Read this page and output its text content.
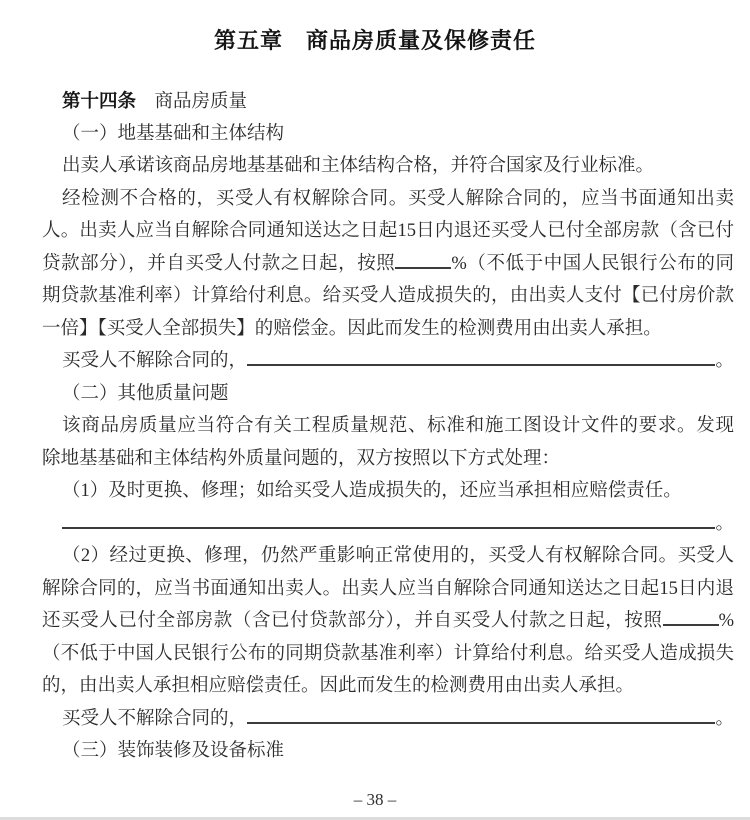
第五章　商品房质量及保修责任
第十四条　商品房质量
（一）地基基础和主体结构
出卖人承诺该商品房地基基础和主体结构合格，并符合国家及行业标准。
经检测不合格的，买受人有权解除合同。买受人解除合同的，应当书面通知出卖
人。出卖人应当自解除合同通知送达之日起15日内退还买受人已付全部房款（含已付
贷款部分），并自买受人付款之日起，按照	%（不低于中国人民银行公布的同
期贷款基准利率）计算给付利息。给买受人造成损失的，由出卖人支付【已付房价款
一倍】【买受人全部损失】的赔偿金。因此而发生的检测费用由出卖人承担。
买受人不解除合同的，	。
（二）其他质量问题
该商品房质量应当符合有关工程质量规范、标准和施工图设计文件的要求。发现
除地基基础和主体结构外质量问题的，双方按照以下方式处理：
（1）及时更换、修理；如给买受人造成损失的，还应当承担相应赔偿责任。
。
（2）经过更换、修理，仍然严重影响正常使用的，买受人有权解除合同。买受人
解除合同的，应当书面通知出卖人。出卖人应当自解除合同通知送达之日起15日内退
还买受人已付全部房款（含已付贷款部分），并自买受人付款之日起，按照	%
（不低于中国人民银行公布的同期贷款基准利率）计算给付利息。给买受人造成损失
的，由出卖人承担相应赔偿责任。因此而发生的检测费用由出卖人承担。
买受人不解除合同的，	。
（三）装饰装修及设备标准
– 38 –
